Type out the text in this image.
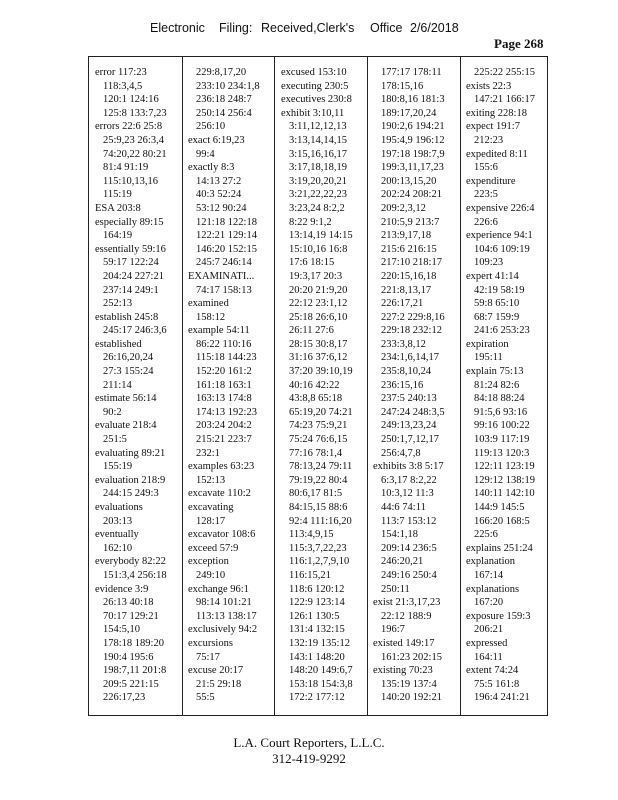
Electronic Filing: Received,Clerk's Office 2/6/2018
Page 268
error 117:23
118:3,4,5
120:1 124:16
125:8 133:7,23
errors 22:6 25:8
25:9,23 26:3,4
74:20,22 80:21
81:4 91:19
115:10,13,16
115:19
ESA 203:8
especially 89:15
164:19
essentially 59:16
59:17 122:24
204:24 227:21
237:14 249:1
252:13
establish 245:8
245:17 246:3,6
established
26:16,20,24
27:3 155:24
211:14
estimate 56:14
90:2
evaluate 218:4
251:5
evaluating 89:21
155:19
evaluation 218:9
244:15 249:3
evaluations
203:13
eventually
162:10
everybody 82:22
151:3,4 256:18
evidence 3:9
26:13 40:18
70:17 129:21
154:5,10
178:18 189:20
190:4 195:6
198:7,11 201:8
209:5 221:15
226:17,23
229:8,17,20
233:10 234:1,8
236:18 248:7
250:14 256:4
256:10
exact 6:19,23
99:4
exactly 8:3
14:13 27:2
40:3 52:24
53:12 90:24
121:18 122:18
122:21 129:14
146:20 152:15
245:7 246:14
EXAMINATI...
74:17 158:13
examined
158:12
example 54:11
86:22 110:16
115:18 144:23
152:20 161:2
161:18 163:1
163:13 174:8
174:13 192:23
203:24 204:2
215:21 223:7
232:1
examples 63:23
152:13
excavate 110:2
excavating
128:17
excavator 108:6
exceed 57:9
exception
249:10
exchange 96:1
98:14 101:21
113:13 138:17
exclusively 94:2
excursions
75:17
excuse 20:17
21:5 29:18
55:5
excused 153:10
executing 230:5
executives 230:8
exhibit 3:10,11
3:11,12,12,13
3:13,14,14,15
3:15,16,16,17
3:17,18,18,19
3:19,20,20,21
3:21,22,22,23
3:23,24 8:2,2
8:22 9:1,2
13:14,19 14:15
15:10,16 16:8
17:6 18:15
19:3,17 20:3
20:20 21:9,20
22:12 23:1,12
25:18 26:6,10
26:11 27:6
28:15 30:8,17
31:16 37:6,12
37:20 39:10,19
40:16 42:22
43:8,8 65:18
65:19,20 74:21
74:23 75:9,21
75:24 76:6,15
77:16 78:1,4
78:13,24 79:11
79:19,22 80:4
80:6,17 81:5
84:15,15 88:6
92:4 111:16,20
113:4,9,15
115:3,7,22,23
116:1,2,7,9,10
116:15,21
118:6 120:12
122:9 123:14
126:1 130:5
131:4 132:15
132:19 135:12
143:1 148:20
148:20 149:6,7
153:18 154:3,8
172:2 177:12
177:17 178:11
178:15,16
180:8,16 181:3
189:17,20,24
190:2,6 194:21
195:4,9 196:12
197:18 198:7,9
199:3,11,17,23
200:13,15,20
202:24 208:21
209:2,3,12
210:5,9 213:7
213:9,17,18
215:6 216:15
217:10 218:17
220:15,16,18
221:8,13,17
226:17,21
227:2 229:8,16
229:18 232:12
233:3,8,12
234:1,6,14,17
235:8,10,24
236:15,16
237:5 240:13
247:24 248:3,5
249:13,23,24
250:1,7,12,17
256:4,7,8
exhibits 3:8 5:17
6:3,17 8:2,22
10:3,12 11:3
44:6 74:11
113:7 153:12
154:1,18
209:14 236:5
246:20,21
249:16 250:4
250:11
exist 21:3,17,23
22:12 188:9
196:7
existed 149:17
161:23 202:15
existing 70:23
135:19 137:4
140:20 192:21
225:22 255:15
exists 22:3
147:21 166:17
exiting 228:18
expect 191:7
212:23
expedited 8:11
155:6
expenditure
223:5
expensive 226:4
226:6
experience 94:1
104:6 109:19
109:23
expert 41:14
42:19 58:19
59:8 65:10
68:7 159:9
241:6 253:23
expiration
195:11
explain 75:13
81:24 82:6
84:18 88:24
91:5,6 93:16
99:16 100:22
103:9 117:19
119:13 120:3
122:11 123:19
129:12 138:19
140:11 142:10
144:9 145:5
166:20 168:5
225:6
explains 251:24
explanation
167:14
explanations
167:20
exposure 159:3
206:21
expressed
164:11
extent 74:24
75:5 161:8
196:4 241:21
L.A. Court Reporters, L.L.C.
312-419-9292
